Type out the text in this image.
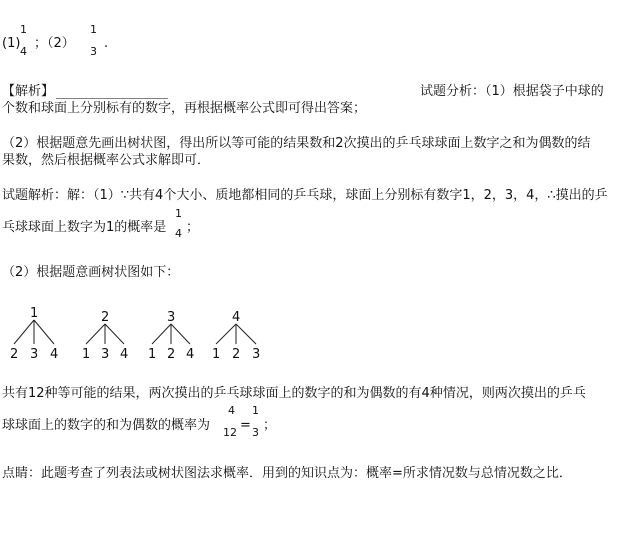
(1)
1
4
；（2）
1
3
.
【解析】 ＿＿＿＿＿＿＿＿＿＿	试题分析：（1）根据袋子中球的
个数和球面上分别标有的数字，再根据概率公式即可得出答案；
（2）根据题意先画出树状图，得出所以等可能的结果数和2次摸出的乒乓球球面上数字之和为偶数的结
果数，然后根据概率公式求解即可．
试题解析：解：（1）∵共有4个大小、质地都相同的乒乓球，球面上分别标有数字1，2，3，4，∴摸出的乒
乓球球面上数字为1的概率是
1
4 ；
（2）根据题意画树状图如下：
1
2 3 4
2
1 3 4
3
1 2 4
4
1 2 3
共有12种等可能的结果，两次摸出的乒乓球球面上的数字的和为偶数的有4种情况，则两次摸出的乒乓
球球面上的数字的和为偶数的概率为
4
12 =
1
3 ；
点睛：此题考查了列表法或树状图法求概率．用到的知识点为：概率=所求情况数与总情况数之比．
